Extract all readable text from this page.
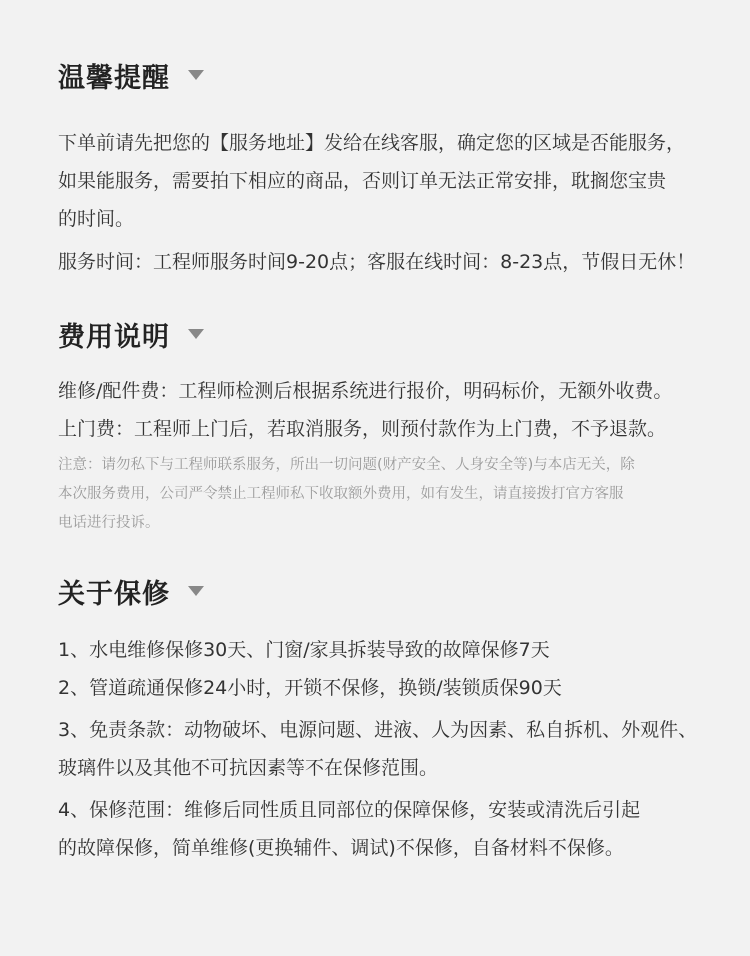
温馨提醒
下单前请先把您的【服务地址】发给在线客服，确定您的区域是否能服务，
如果能服务，需要拍下相应的商品，否则订单无法正常安排，耽搁您宝贵
的时间。
服务时间：工程师服务时间9-20点；客服在线时间：8-23点，节假日无休！
费用说明
维修/配件费：工程师检测后根据系统进行报价，明码标价，无额外收费。
上门费：工程师上门后，若取消服务，则预付款作为上门费，不予退款。
注意：请勿私下与工程师联系服务，所出一切问题(财产安全、人身安全等)与本店无关，除
本次服务费用，公司严令禁止工程师私下收取额外费用，如有发生，请直接拨打官方客服
电话进行投诉。
关于保修
1、水电维修保修30天、门窗/家具拆装导致的故障保修7天
2、管道疏通保修24小时，开锁不保修，换锁/装锁质保90天
3、免责条款：动物破坏、电源问题、进液、人为因素、私自拆机、外观件、
玻璃件以及其他不可抗因素等不在保修范围。
4、保修范围：维修后同性质且同部位的保障保修，安装或清洗后引起
的故障保修，简单维修(更换辅件、调试)不保修，自备材料不保修。
